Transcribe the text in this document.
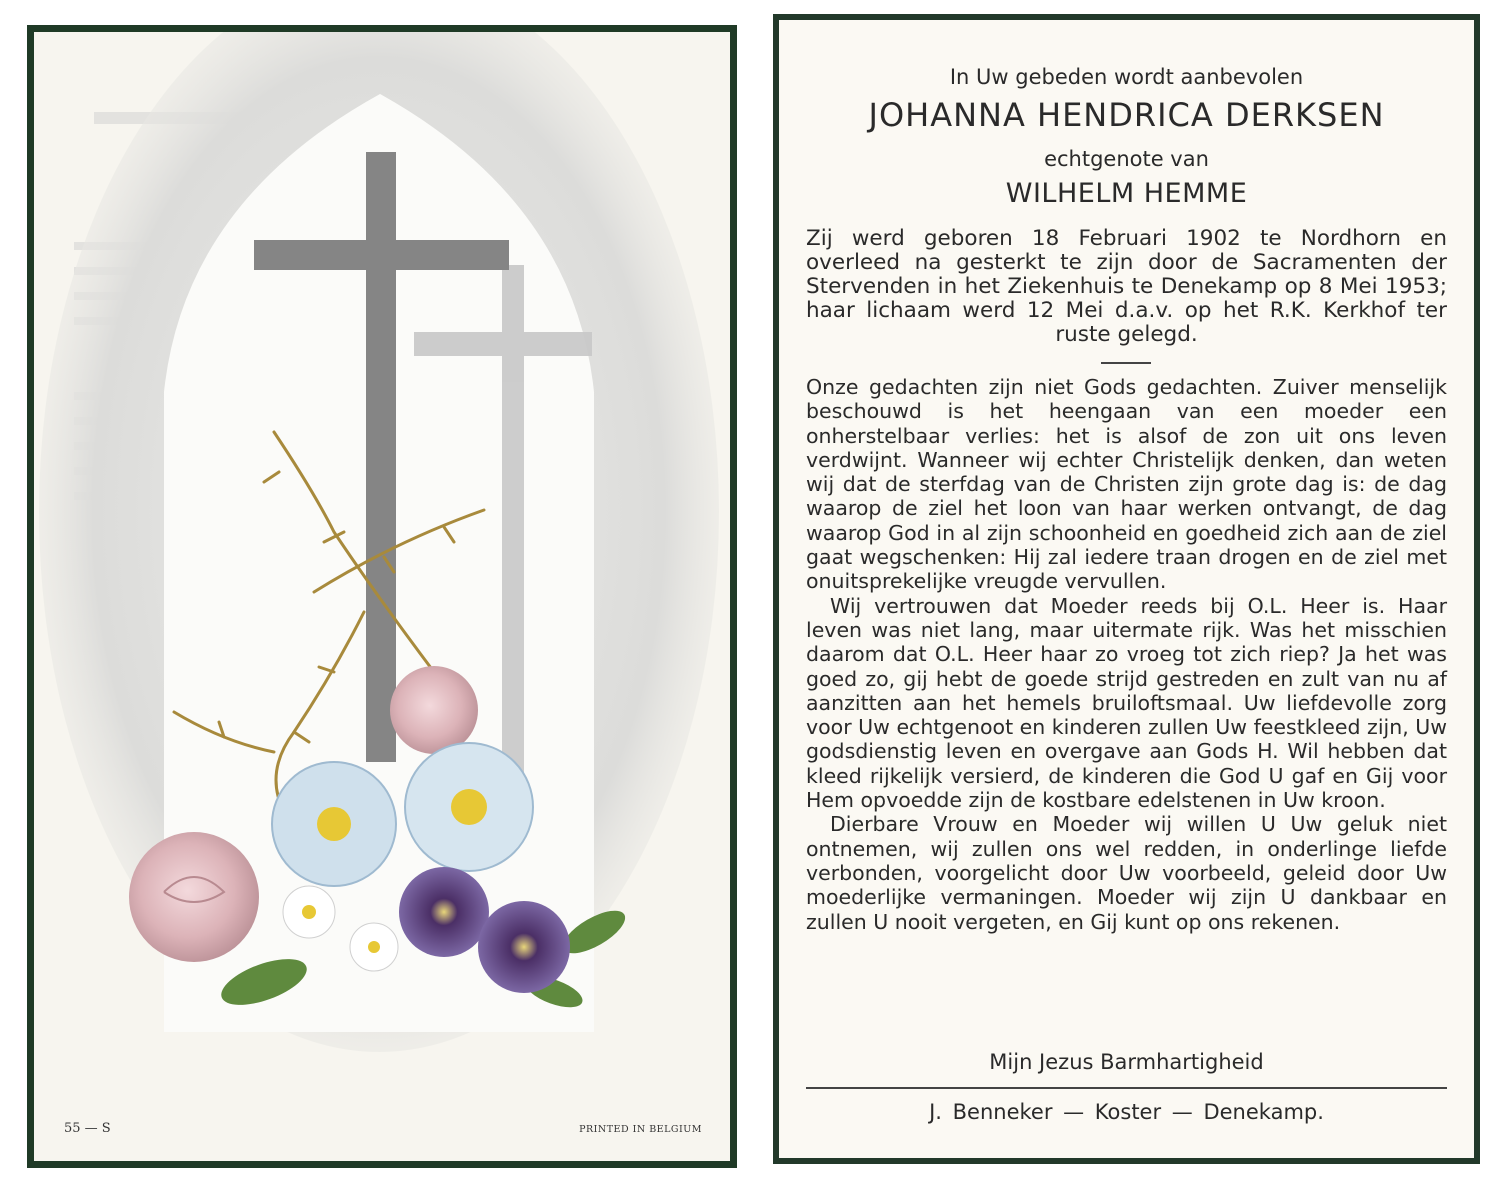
55 — S	PRINTED IN BELGIUM
In Uw gebeden wordt aanbevolen
JOHANNA HENDRICA DERKSEN
echtgenote van
WILHELM HEMME
Zij werd geboren 18 Februari 1902 te Nordhorn en overleed na gesterkt te zijn door de Sacramenten der Stervenden in het Ziekenhuis te Denekamp op 8 Mei 1953; haar lichaam werd 12 Mei d.a.v. op het R.K. Kerkhof ter ruste gelegd.

Onze gedachten zijn niet Gods gedachten. Zuiver menselijk beschouwd is het heengaan van een moeder een onherstelbaar verlies: het is alsof de zon uit ons leven verdwijnt. Wanneer wij echter Christelijk denken, dan weten wij dat de sterfdag van de Christen zijn grote dag is: de dag waarop de ziel het loon van haar werken ontvangt, de dag waarop God in al zijn schoonheid en goedheid zich aan de ziel gaat wegschenken: Hij zal iedere traan drogen en de ziel met onuitsprekelijke vreugde vervullen.

Wij vertrouwen dat Moeder reeds bij O.L. Heer is. Haar leven was niet lang, maar uitermate rijk. Was het misschien daarom dat O.L. Heer haar zo vroeg tot zich riep? Ja het was goed zo, gij hebt de goede strijd gestreden en zult van nu af aanzitten aan het hemels bruiloftsmaal. Uw liefdevolle zorg voor Uw echtgenoot en kinderen zullen Uw feestkleed zijn, Uw godsdienstig leven en overgave aan Gods H. Wil hebben dat kleed rijkelijk versierd, de kinderen die God U gaf en Gij voor Hem opvoedde zijn de kostbare edelstenen in Uw kroon.

Dierbare Vrouw en Moeder wij willen U Uw geluk niet ontnemen, wij zullen ons wel redden, in onderlinge liefde verbonden, voorgelicht door Uw voorbeeld, geleid door Uw moederlijke vermaningen. Moeder wij zijn U dankbaar en zullen U nooit vergeten, en Gij kunt op ons rekenen.

Mijn Jezus Barmhartigheid
J. Benneker — Koster — Denekamp.
